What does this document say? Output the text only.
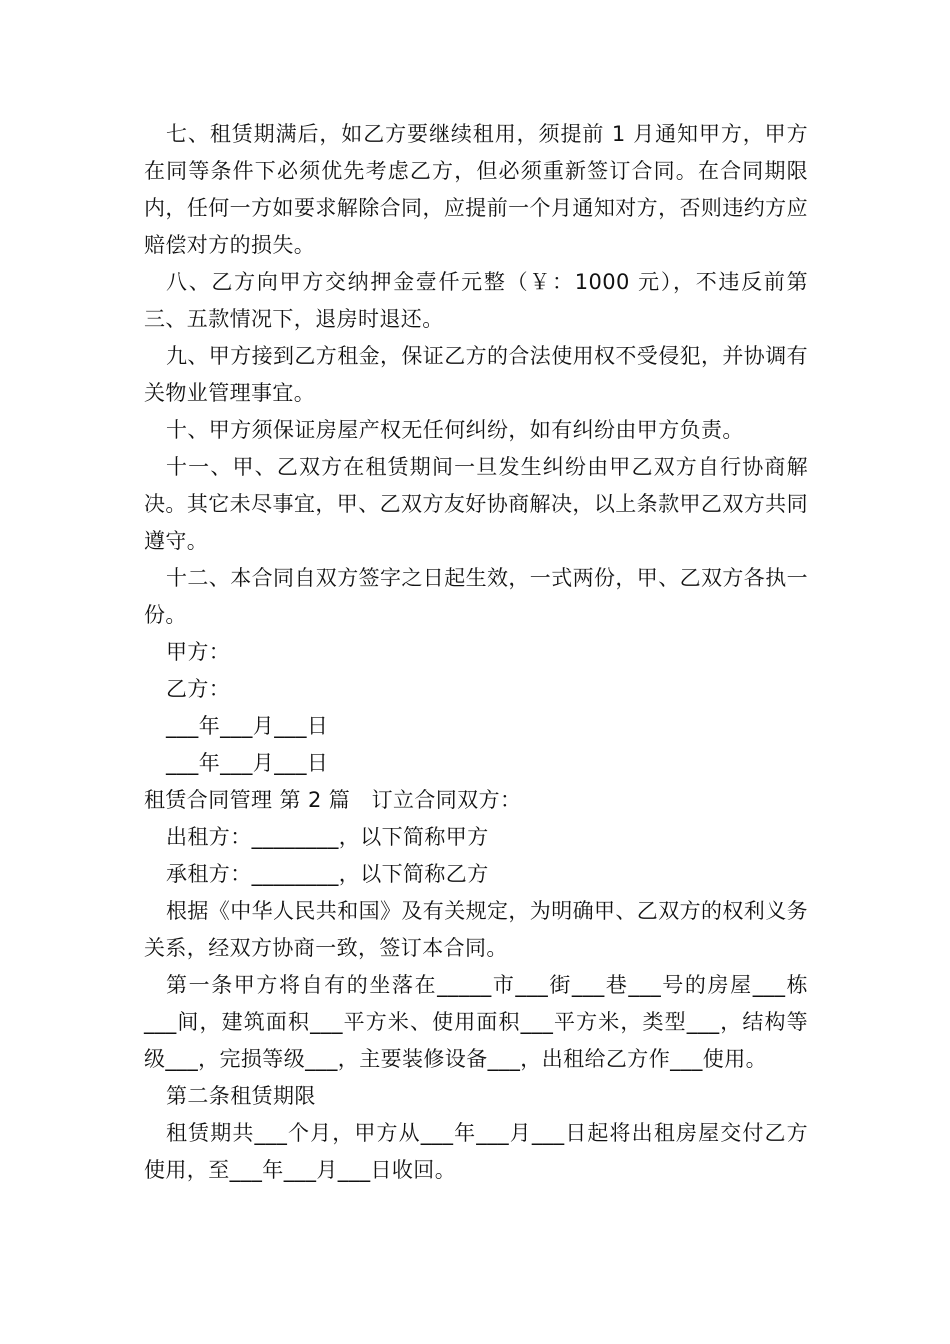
七、租赁期满后，如乙方要继续租用，须提前 1 月通知甲方，甲方在同等条件下必须优先考虑乙方，但必须重新签订合同。在合同期限内，任何一方如要求解除合同，应提前一个月通知对方，否则违约方应赔偿对方的损失。

八、乙方向甲方交纳押金壹仟元整（￥：1000 元），不违反前第三、五款情况下，退房时退还。

九、甲方接到乙方租金，保证乙方的合法使用权不受侵犯，并协调有关物业管理事宜。

十、甲方须保证房屋产权无任何纠纷，如有纠纷由甲方负责。

十一、甲、乙双方在租赁期间一旦发生纠纷由甲乙双方自行协商解决。其它未尽事宜，甲、乙双方友好协商解决，以上条款甲乙双方共同遵守。

十二、本合同自双方签字之日起生效，一式两份，甲、乙双方各执一份。

甲方：

乙方：

___年___月___日

___年___月___日

租赁合同管理 第 2 篇　订立合同双方：

出租方：________，以下简称甲方

承租方：________，以下简称乙方

根据《中华人民共和国》及有关规定，为明确甲、乙双方的权利义务关系，经双方协商一致，签订本合同。

第一条甲方将自有的坐落在_____市___街___巷___号的房屋___栋___间，建筑面积___平方米、使用面积___平方米，类型___，结构等级___，完损等级___，主要装修设备___，出租给乙方作___使用。

第二条租赁期限

租赁期共___个月，甲方从___年___月___日起将出租房屋交付乙方使用，至___年___月___日收回。
